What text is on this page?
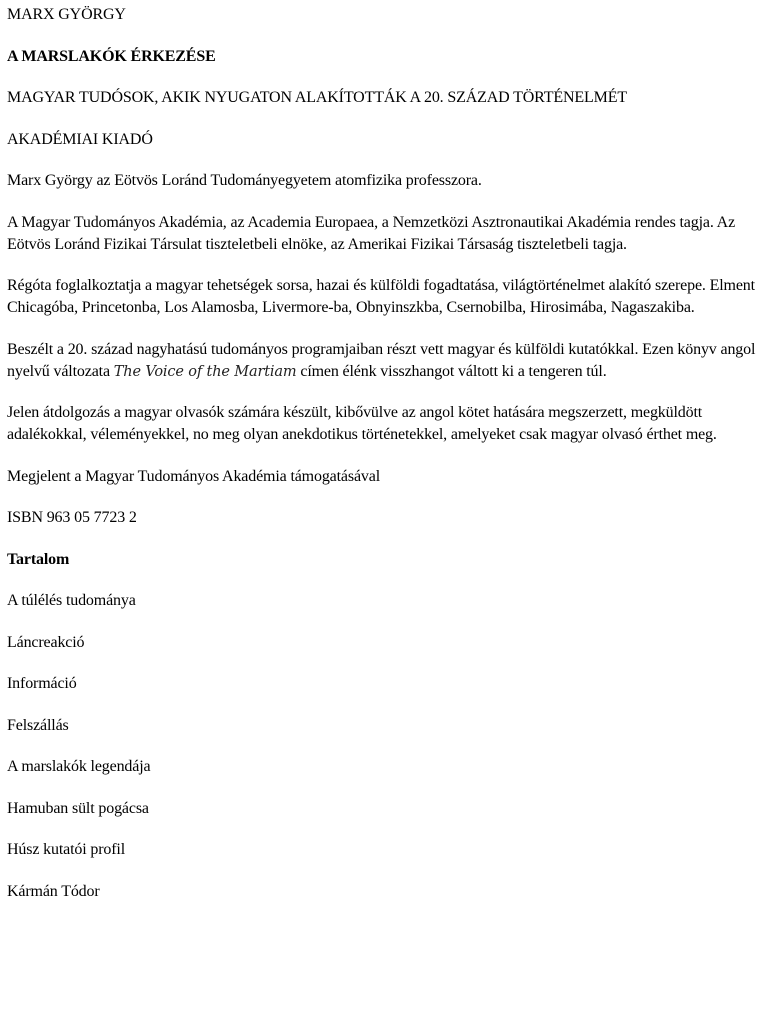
MARX GYÖRGY
A MARSLAKÓK ÉRKEZÉSE
MAGYAR TUDÓSOK, AKIK NYUGATON ALAKÍTOTTÁK A 20. SZÁZAD TÖRTÉNELMÉT
AKADÉMIAI KIADÓ
Marx György az Eötvös Loránd Tudományegyetem atomfizika professzora.
A Magyar Tudományos Akadémia, az Academia Europaea, a Nemzetközi Asztronautikai Akadémia rendes tagja. Az Eötvös Loránd Fizikai Társulat tiszteletbeli elnöke, az Amerikai Fizikai Társaság tiszteletbeli tagja.
Régóta foglalkoztatja a magyar tehetségek sorsa, hazai és külföldi fogadtatása, világtörténelmet alakító szerepe. Elment Chicagóba, Princetonba, Los Alamosba, Livermore-ba, Obnyinszkba, Csernobilba, Hirosimába, Nagaszakiba.
Beszélt a 20. század nagyhatású tudományos programjaiban részt vett magyar és külföldi kutatókkal. Ezen könyv angol nyelvű változata The Voice of the Martiam címen élénk visszhangot váltott ki a tengeren túl.
Jelen átdolgozás a magyar olvasók számára készült, kibővülve az angol kötet hatására megszerzett, megküldött adalékokkal, véleményekkel, no meg olyan anekdotikus történetekkel, amelyeket csak magyar olvasó érthet meg.
Megjelent a Magyar Tudományos Akadémia támogatásával
ISBN 963 05 7723 2
Tartalom
A túlélés tudománya
Láncreakció
Információ
Felszállás
A marslakók legendája
Hamuban sült pogácsa
Húsz kutatói profil
Kármán Tódor
